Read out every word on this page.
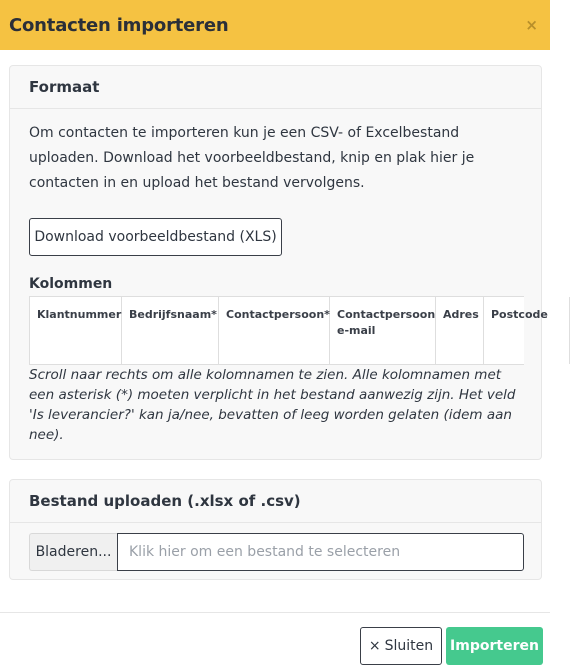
Contacten importeren	×
Formaat

Om contacten te importeren kun je een CSV- of Excelbestand uploaden. Download het voorbeeldbestand, knip en plak hier je contacten in en upload het bestand vervolgens.

Download voorbeeldbestand (XLS)
Kolommen
Klantnummer Bedrijfsnaam* Contactpersoon* Contactpersoon e-mail
Adres	Postcode

Scroll naar rechts om alle kolomnamen te zien. Alle kolomnamen met een asterisk (*) moeten verplicht in het bestand aanwezig zijn. Het veld 'Is leverancier?' kan ja/nee, bevatten of leeg worden gelaten (idem aan nee).

Bestand uploaden (.xlsx of .csv)
Bladeren...
Klik hier om een bestand te selecteren
× Sluiten Importeren
